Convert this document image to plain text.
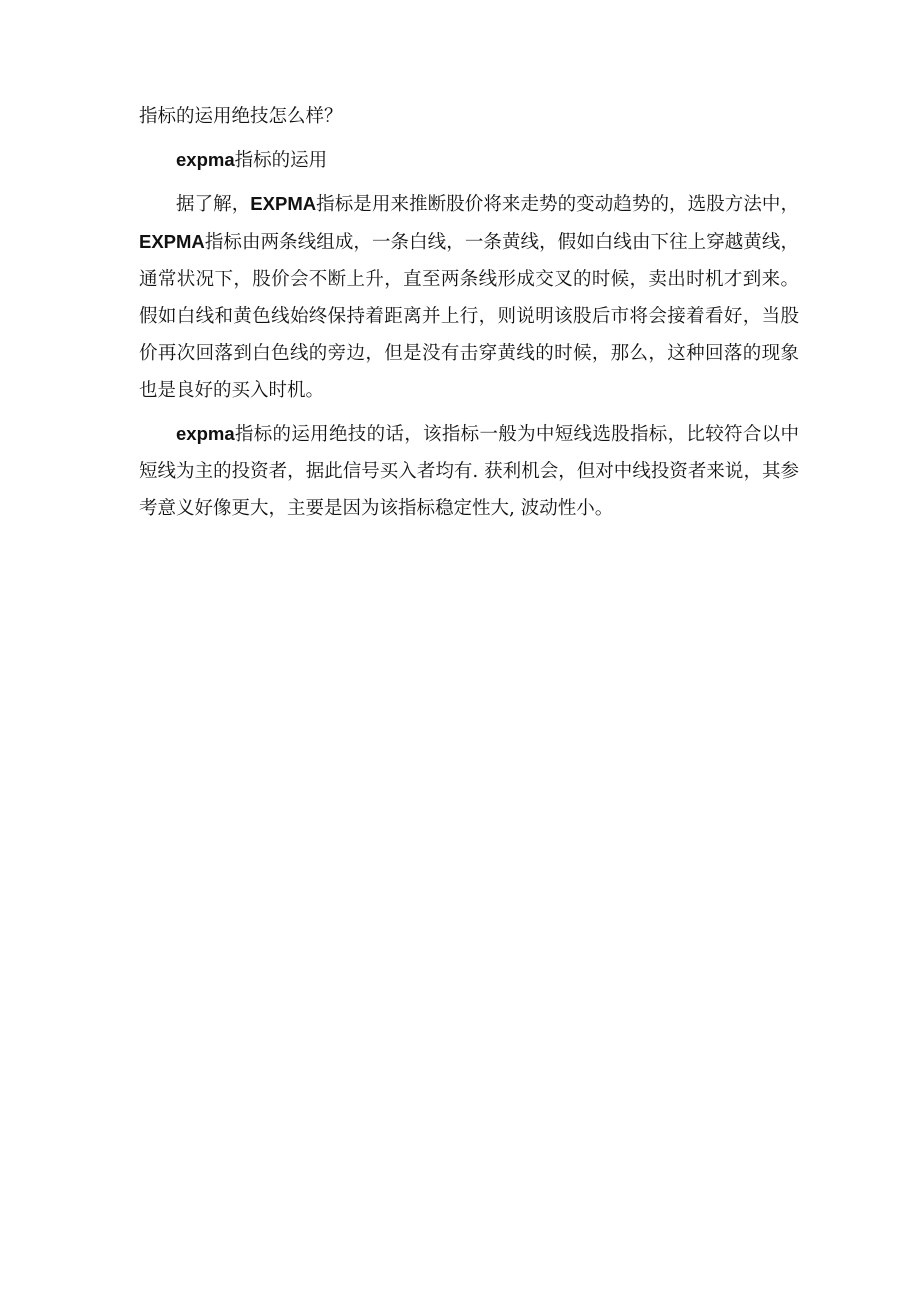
指标的运用绝技怎么样？

expma指标的运用

据了解，EXPMA指标是用来推断股价将来走势的变动趋势的，选股方法中，EXPMA指标由两条线组成，一条白线，一条黄线，假如白线由下往上穿越黄线，通常状况下，股价会不断上升，直至两条线形成交叉的时候，卖出时机才到来。假如白线和黄色线始终保持着距离并上行，则说明该股后市将会接着看好，当股价再次回落到白色线的旁边，但是没有击穿黄线的时候，那么，这种回落的现象也是良好的买入时机。

expma指标的运用绝技的话，该指标一般为中短线选股指标，比较符合以中短线为主的投资者，据此信号买入者均有. 获利机会，但对中线投资者来说，其参考意义好像更大，主要是因为该指标稳定性大, 波动性小。
